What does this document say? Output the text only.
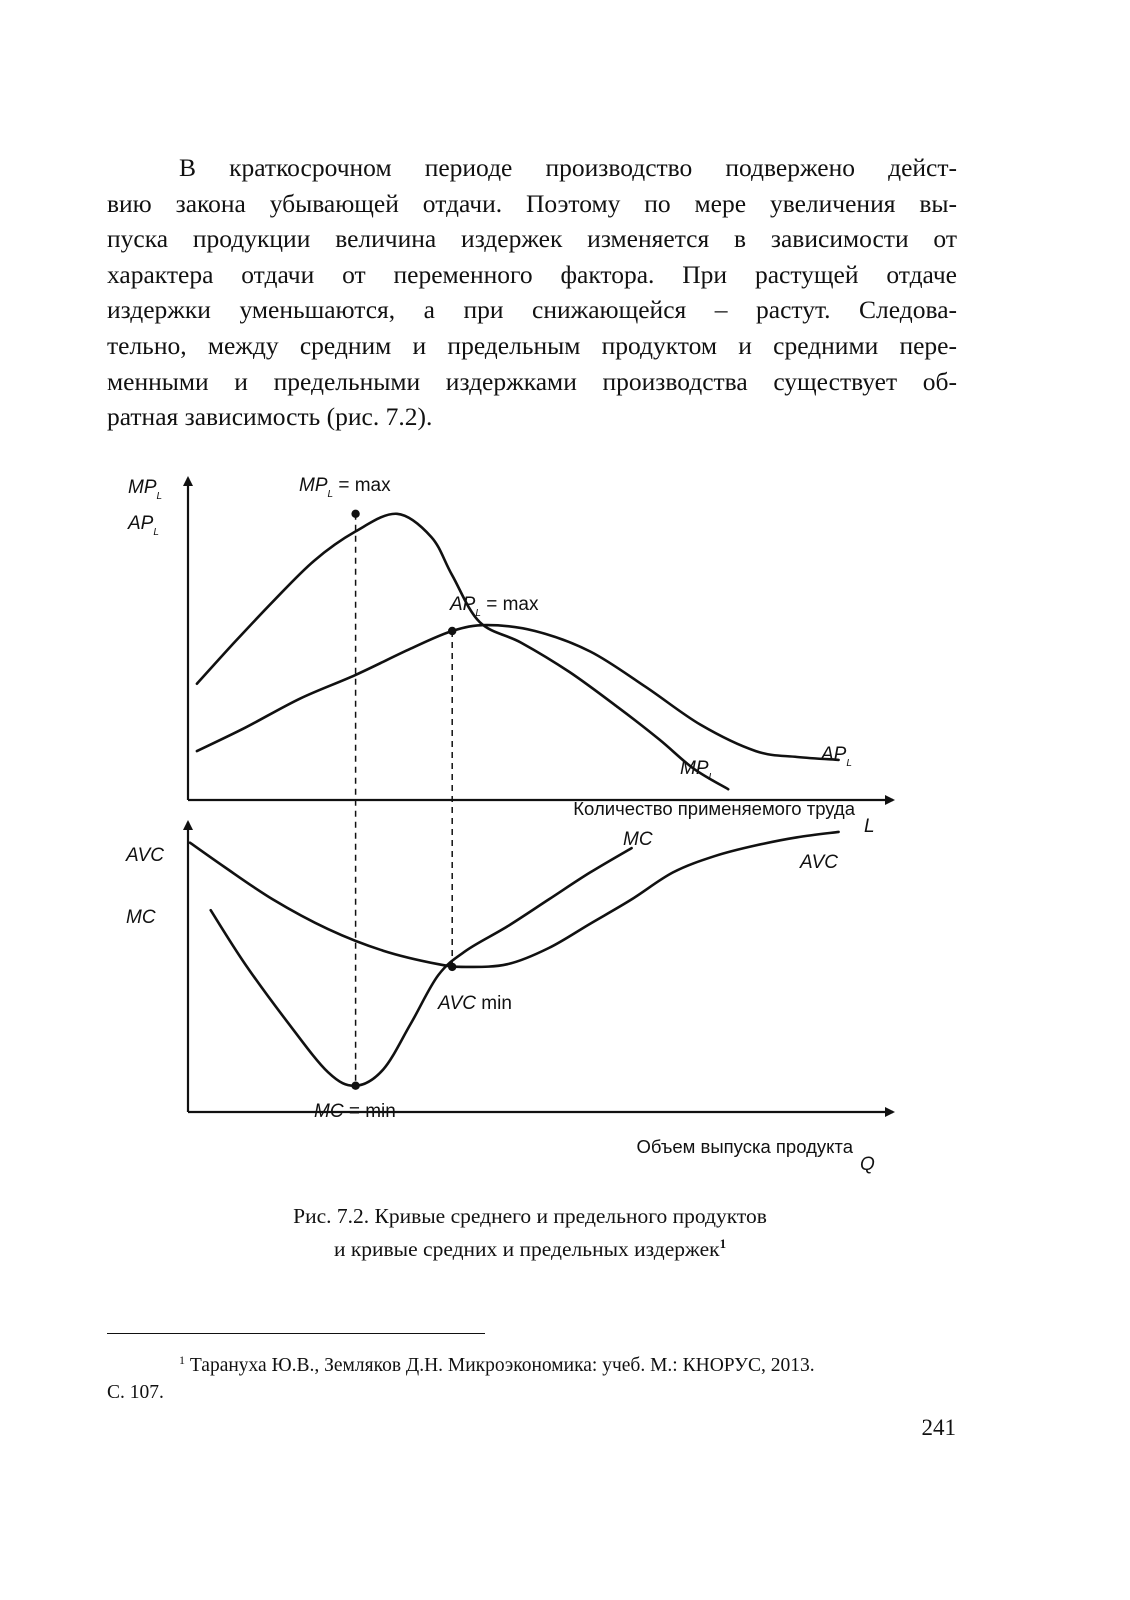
В краткосрочном периоде производство подвержено дейст-
вию закона убывающей отдачи. Поэтому по мере увеличения вы-
пуска продукции величина издержек изменяется в зависимости от
характера отдачи от переменного фактора. При растущей отдаче
издержки уменьшаются, а при снижающейся – растут. Следова-
тельно, между средним и предельным продуктом и средними пере-
менными и предельными издержками производства существует об-
ратная зависимость (рис. 7.2).
$MP_L$
$AP_L$
Количество применяемого труда
L
$MP_L$
$AP_L$
$MP_L = \max$
$AP_L = \max$
AVC
MC
Объем выпуска продукта
Q
MC
AVC
MC = min
AVC min
Рис. 7.2. Кривые среднего и предельного продуктов
и кривые средних и предельных издержек$^1$
$^1$ Тарануха Ю.В., Земляков Д.Н. Микроэкономика: учеб. М.: КНОРУС, 2013.
С. 107.
241
